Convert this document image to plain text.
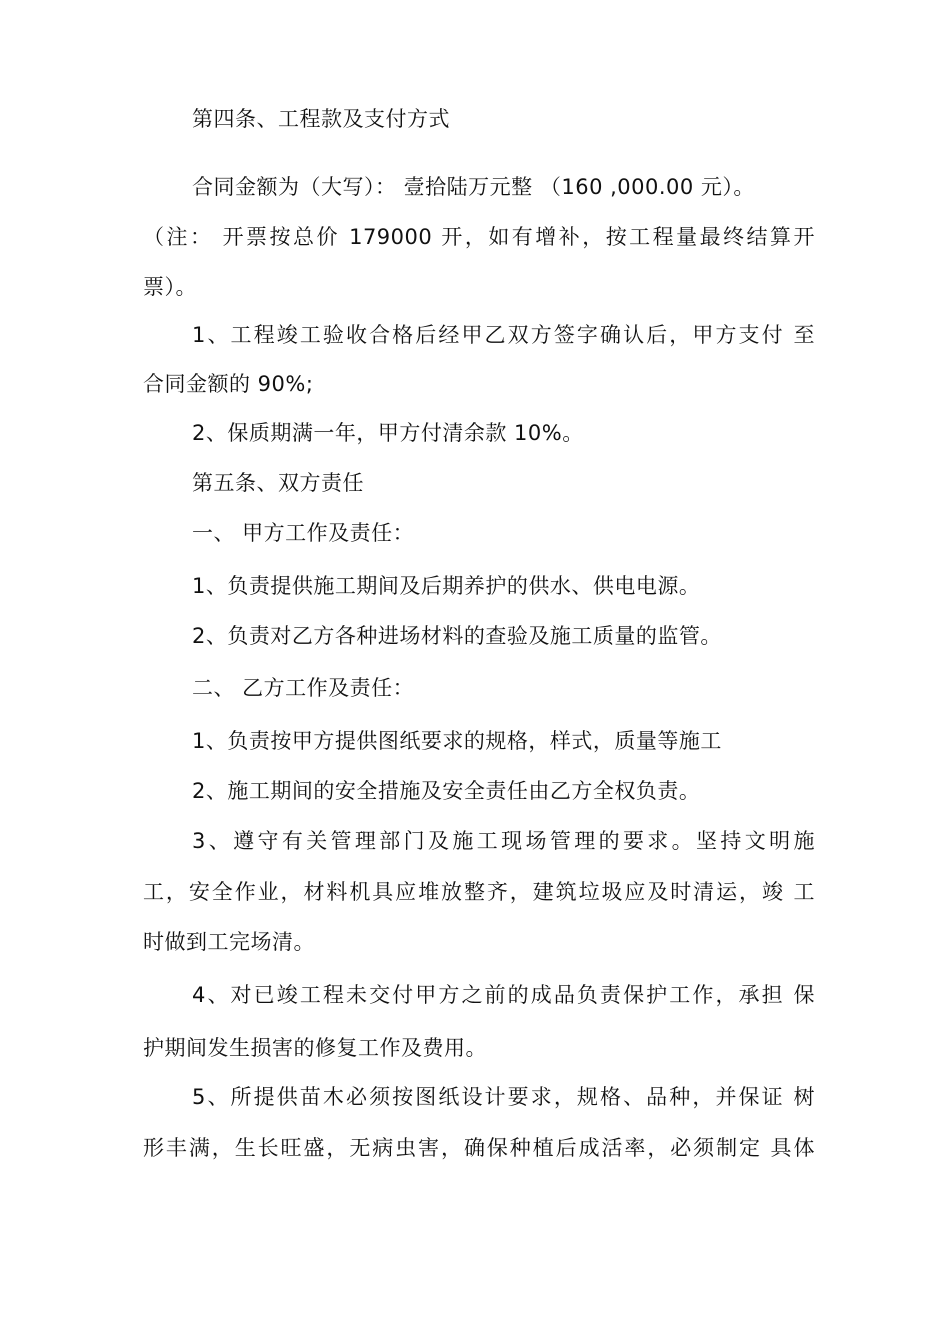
第四条、工程款及支付方式
合同金额为（大写）： 壹拾陆万元整 （160 ,000.00 元）。
（注： 开票按总价 179000 开，如有增补，按工程量最终结算开
票）。
1、工程竣工验收合格后经甲乙双方签字确认后，甲方支付 至
合同金额的 90%;
2、保质期满一年，甲方付清余款 10%。
第五条、双方责任
一、 甲方工作及责任：
1、负责提供施工期间及后期养护的供水、供电电源。
2、负责对乙方各种进场材料的查验及施工质量的监管。
二、 乙方工作及责任：
1、负责按甲方提供图纸要求的规格，样式，质量等施工
2、施工期间的安全措施及安全责任由乙方全权负责。
3、遵守有关管理部门及施工现场管理的要求。坚持文明施
工，安全作业，材料机具应堆放整齐，建筑垃圾应及时清运，竣 工
时做到工完场清。
4、对已竣工程未交付甲方之前的成品负责保护工作，承担 保
护期间发生损害的修复工作及费用。
5、所提供苗木必须按图纸设计要求，规格、品种，并保证 树
形丰满，生长旺盛，无病虫害，确保种植后成活率，必须制定 具体
